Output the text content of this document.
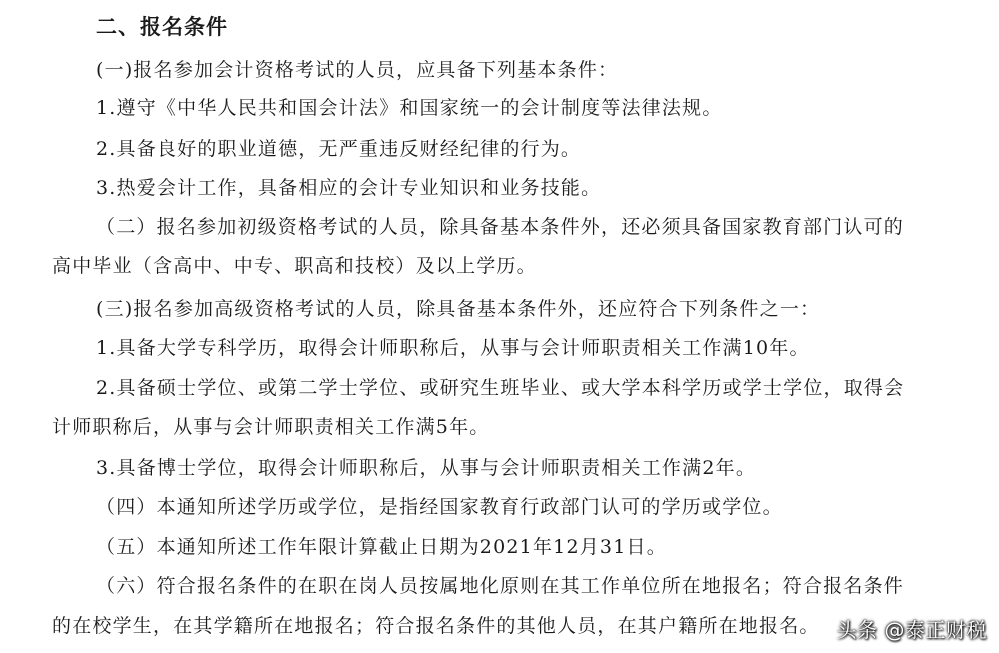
二、报名条件
(一)报名参加会计资格考试的人员，应具备下列基本条件：
1.遵守《中华人民共和国会计法》和国家统一的会计制度等法律法规。
2.具备良好的职业道德，无严重违反财经纪律的行为。
3.热爱会计工作，具备相应的会计专业知识和业务技能。
（二）报名参加初级资格考试的人员，除具备基本条件外，还必须具备国家教育部门认可的
高中毕业（含高中、中专、职高和技校）及以上学历。
(三)报名参加高级资格考试的人员，除具备基本条件外，还应符合下列条件之一：
1.具备大学专科学历，取得会计师职称后，从事与会计师职责相关工作满10年。
2.具备硕士学位、或第二学士学位、或研究生班毕业、或大学本科学历或学士学位，取得会
计师职称后，从事与会计师职责相关工作满5年。
3.具备博士学位，取得会计师职称后，从事与会计师职责相关工作满2年。
（四）本通知所述学历或学位，是指经国家教育行政部门认可的学历或学位。
（五）本通知所述工作年限计算截止日期为2021年12月31日。
（六）符合报名条件的在职在岗人员按属地化原则在其工作单位所在地报名；符合报名条件
的在校学生，在其学籍所在地报名；符合报名条件的其他人员，在其户籍所在地报名。 头条 @泰正财税
